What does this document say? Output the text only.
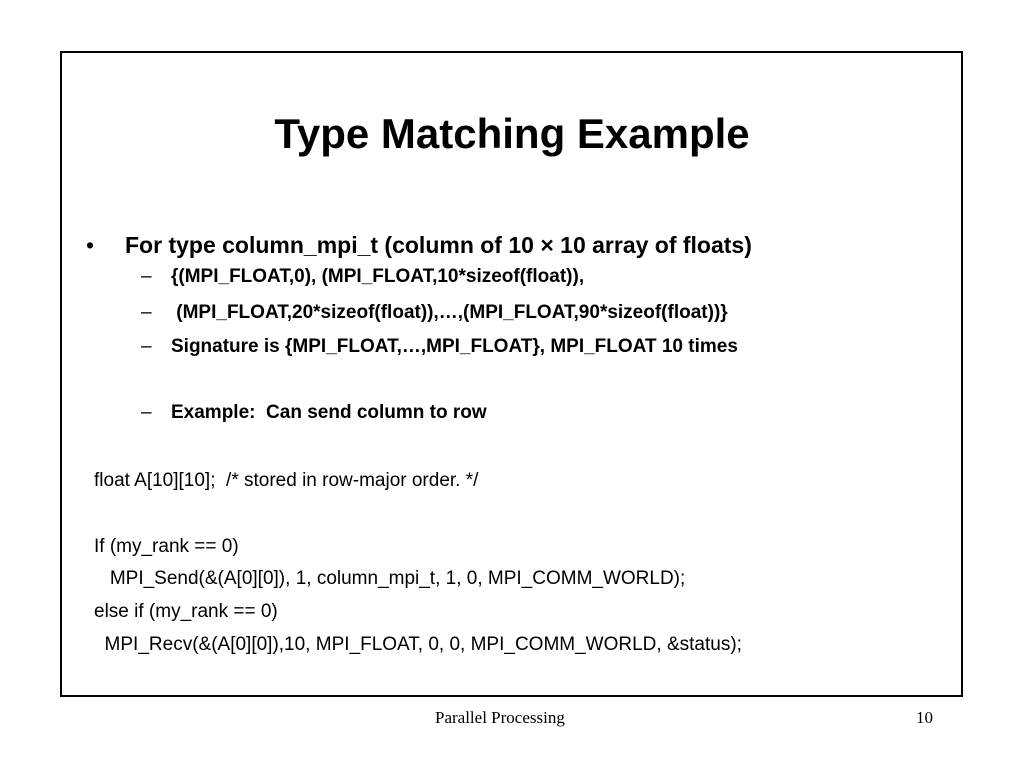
Type Matching Example
• For type column_mpi_t (column of 10 × 10 array of floats)
– {(MPI_FLOAT,0), (MPI_FLOAT,10*sizeof(float)),
– (MPI_FLOAT,20*sizeof(float)),…,(MPI_FLOAT,90*sizeof(float))}
– Signature is {MPI_FLOAT,…,MPI_FLOAT}, MPI_FLOAT 10 times
– Example:  Can send column to row
float A[10][10];  /* stored in row-major order. */
If (my_rank == 0)
MPI_Send(&(A[0][0]), 1, column_mpi_t, 1, 0, MPI_COMM_WORLD);
else if (my_rank == 0)
MPI_Recv(&(A[0][0]),10, MPI_FLOAT, 0, 0, MPI_COMM_WORLD, &status);
Parallel Processing	10
